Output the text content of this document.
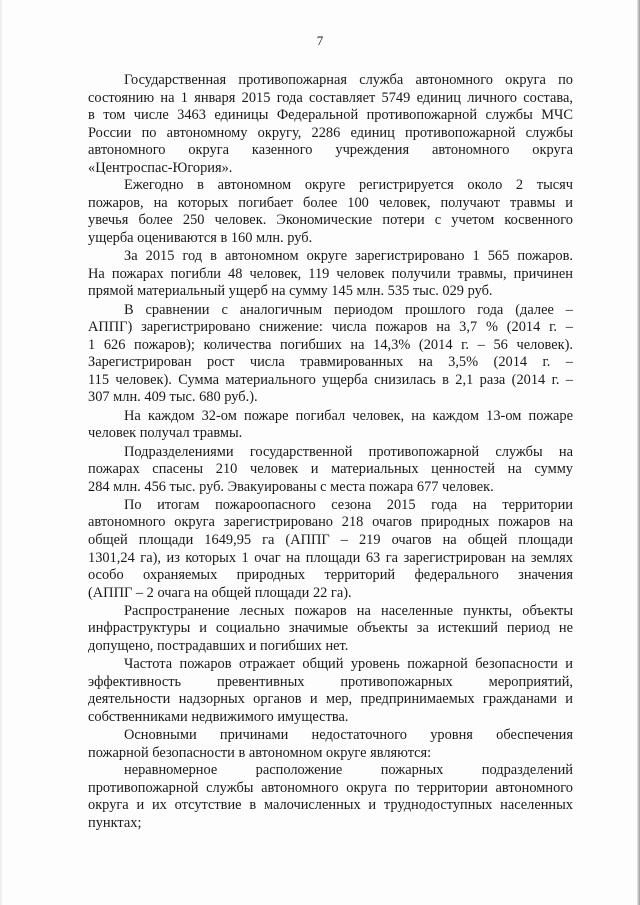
7
Государственная противопожарная служба автономного округа по
состоянию на 1 января 2015 года составляет 5749 единиц личного состава,
в том числе 3463 единицы Федеральной противопожарной службы МЧС
России по автономному округу, 2286 единиц противопожарной службы
автономного округа казенного учреждения автономного округа
«Центроспас-Югория».
Ежегодно в автономном округе регистрируется около 2 тысяч
пожаров, на которых погибает более 100 человек, получают травмы и
увечья более 250 человек. Экономические потери с учетом косвенного
ущерба оцениваются в 160 млн. руб.
За 2015 год в автономном округе зарегистрировано 1 565 пожаров.
На пожарах погибли 48 человек, 119 человек получили травмы, причинен
прямой материальный ущерб на сумму 145 млн. 535 тыс. 029 руб.
В сравнении с аналогичным периодом прошлого года (далее –
АППГ) зарегистрировано снижение: числа пожаров на 3,7 % (2014 г. –
1 626 пожаров); количества погибших на 14,3% (2014 г. – 56 человек).
Зарегистрирован рост числа травмированных на 3,5% (2014 г. –
115 человек). Сумма материального ущерба снизилась в 2,1 раза (2014 г. –
307 млн. 409 тыс. 680 руб.).
На каждом 32-ом пожаре погибал человек, на каждом 13-ом пожаре
человек получал травмы.
Подразделениями государственной противопожарной службы на
пожарах спасены 210 человек и материальных ценностей на сумму
284 млн. 456 тыс. руб. Эвакуированы с места пожара 677 человек.
По итогам пожароопасного сезона 2015 года на территории
автономного округа зарегистрировано 218 очагов природных пожаров на
общей площади 1649,95 га (АППГ – 219 очагов на общей площади
1301,24 га), из которых 1 очаг на площади 63 га зарегистрирован на землях
особо охраняемых природных территорий федерального значения
(АППГ – 2 очага на общей площади 22 га).
Распространение лесных пожаров на населенные пункты, объекты
инфраструктуры и социально значимые объекты за истекший период не
допущено, пострадавших и погибших нет.
Частота пожаров отражает общий уровень пожарной безопасности и
эффективность превентивных противопожарных мероприятий,
деятельности надзорных органов и мер, предпринимаемых гражданами и
собственниками недвижимого имущества.
Основными причинами недостаточного уровня обеспечения
пожарной безопасности в автономном округе являются:
неравномерное расположение пожарных подразделений
противопожарной службы автономного округа по территории автономного
округа и их отсутствие в малочисленных и труднодоступных населенных
пунктах;
